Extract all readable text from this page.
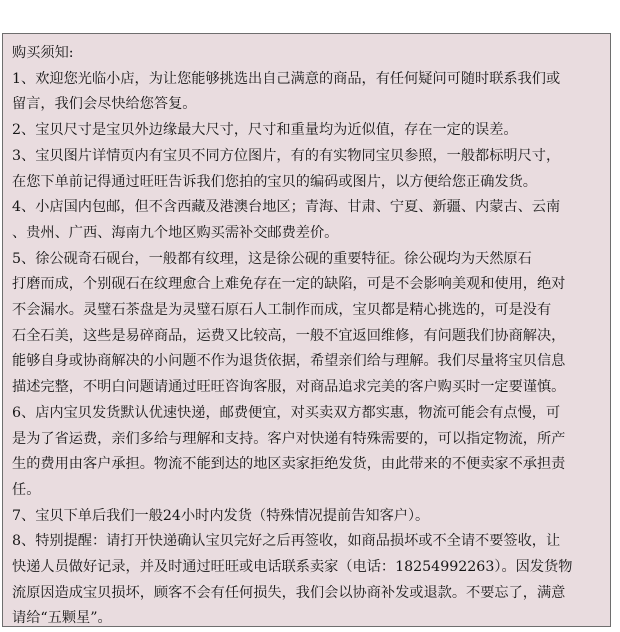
购买须知:

1、欢迎您光临小店，为让您能够挑选出自己满意的商品，有任何疑问可随时联系我们或

留言，我们会尽快给您答复。

2、宝贝尺寸是宝贝外边缘最大尺寸，尺寸和重量均为近似值，存在一定的误差。

3、宝贝图片详情页内有宝贝不同方位图片，有的有实物同宝贝参照，一般都标明尺寸，

在您下单前记得通过旺旺告诉我们您拍的宝贝的编码或图片，以方便给您正确发货。

4、小店国内包邮，但不含西藏及港澳台地区；青海、甘肃、宁夏、新疆、内蒙古、云南

、贵州、广西、海南九个地区购买需补交邮费差价。

5、徐公砚奇石砚台，一般都有纹理，这是徐公砚的重要特征。徐公砚均为天然原石

打磨而成，个别砚石在纹理愈合上难免存在一定的缺陷，可是不会影响美观和使用，绝对

不会漏水。灵璧石茶盘是为灵璧石原石人工制作而成，宝贝都是精心挑选的，可是没有

石全石美，这些是易碎商品，运费又比较高，一般不宜返回维修，有问题我们协商解决，

能够自身或协商解决的小问题不作为退货依据，希望亲们给与理解。我们尽量将宝贝信息

描述完整，不明白问题请通过旺旺咨询客服，对商品追求完美的客户购买时一定要谨慎。

6、店内宝贝发货默认优速快递，邮费便宜，对买卖双方都实惠，物流可能会有点慢，可

是为了省运费，亲们多给与理解和支持。客户对快递有特殊需要的，可以指定物流，所产

生的费用由客户承担。物流不能到达的地区卖家拒绝发货，由此带来的不便卖家不承担责

任。

7、宝贝下单后我们一般24小时内发货（特殊情况提前告知客户）。

8、特别提醒：请打开快递确认宝贝完好之后再签收，如商品损坏或不全请不要签收，让

快递人员做好记录，并及时通过旺旺或电话联系卖家（电话：18254992263）。因发货物

流原因造成宝贝损坏，顾客不会有任何损失，我们会以协商补发或退款。不要忘了，满意

请给“五颗星”。
